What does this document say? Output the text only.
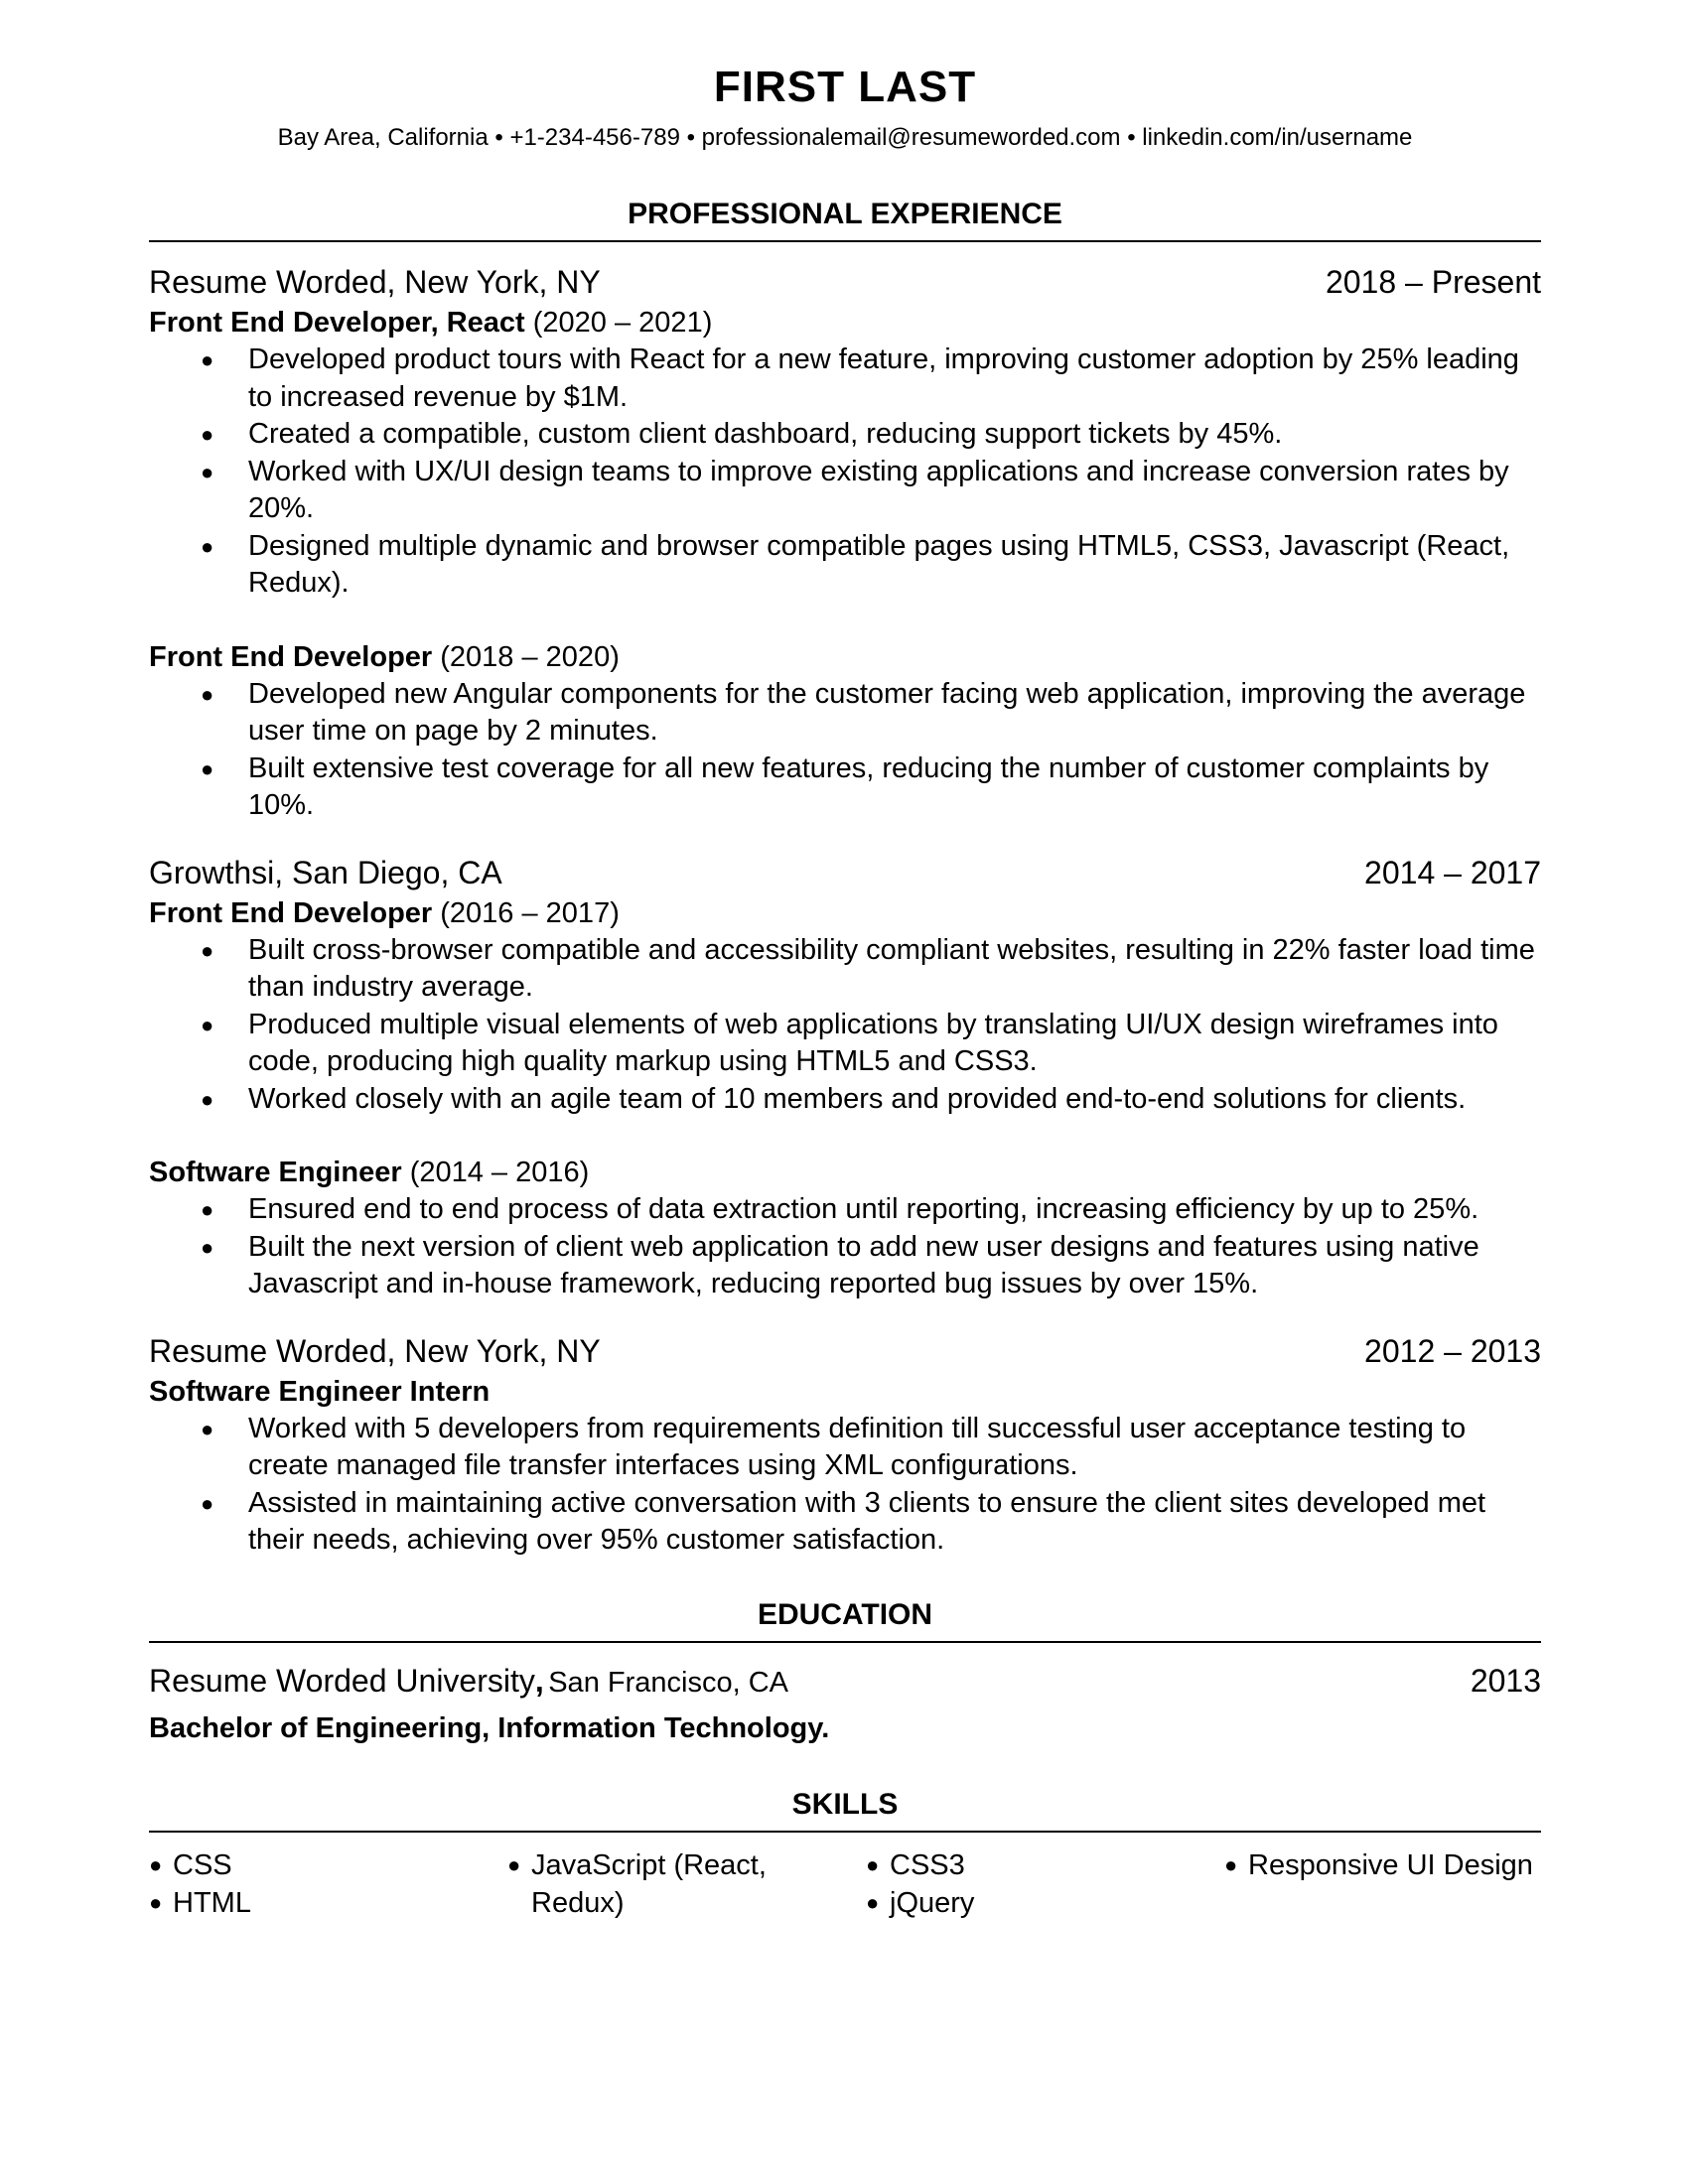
FIRST LAST
Bay Area, California • +1-234-456-789 • professionalemail@resumeworded.com • linkedin.com/in/username
PROFESSIONAL EXPERIENCE
Resume Worded, New York, NY	2018 – Present
Front End Developer, React (2020 – 2021)
● Developed product tours with React for a new feature, improving customer adoption by 25% leading to increased revenue by $1M.
● Created a compatible, custom client dashboard, reducing support tickets by 45%.
● Worked with UX/UI design teams to improve existing applications and increase conversion rates by 20%.
● Designed multiple dynamic and browser compatible pages using HTML5, CSS3, Javascript (React, Redux).
Front End Developer (2018 – 2020)
● Developed new Angular components for the customer facing web application, improving the average user time on page by 2 minutes.
● Built extensive test coverage for all new features, reducing the number of customer complaints by 10%.
Growthsi, San Diego, CA	2014 – 2017
Front End Developer (2016 – 2017)
● Built cross-browser compatible and accessibility compliant websites, resulting in 22% faster load time than industry average.
● Produced multiple visual elements of web applications by translating UI/UX design wireframes into code, producing high quality markup using HTML5 and CSS3.
● Worked closely with an agile team of 10 members and provided end-to-end solutions for clients.
Software Engineer (2014 – 2016)
● Ensured end to end process of data extraction until reporting, increasing efficiency by up to 25%.
● Built the next version of client web application to add new user designs and features using native Javascript and in-house framework, reducing reported bug issues by over 15%.
Resume Worded, New York, NY	2012 – 2013
Software Engineer Intern
● Worked with 5 developers from requirements definition till successful user acceptance testing to create managed file transfer interfaces using XML configurations.
● Assisted in maintaining active conversation with 3 clients to ensure the client sites developed met their needs, achieving over 95% customer satisfaction.
EDUCATION
Resume Worded University, San Francisco, CA	2013
Bachelor of Engineering, Information Technology.
SKILLS
● CSS
● HTML
● JavaScript (React, Redux)
● CSS3
● jQuery
● Responsive UI Design
